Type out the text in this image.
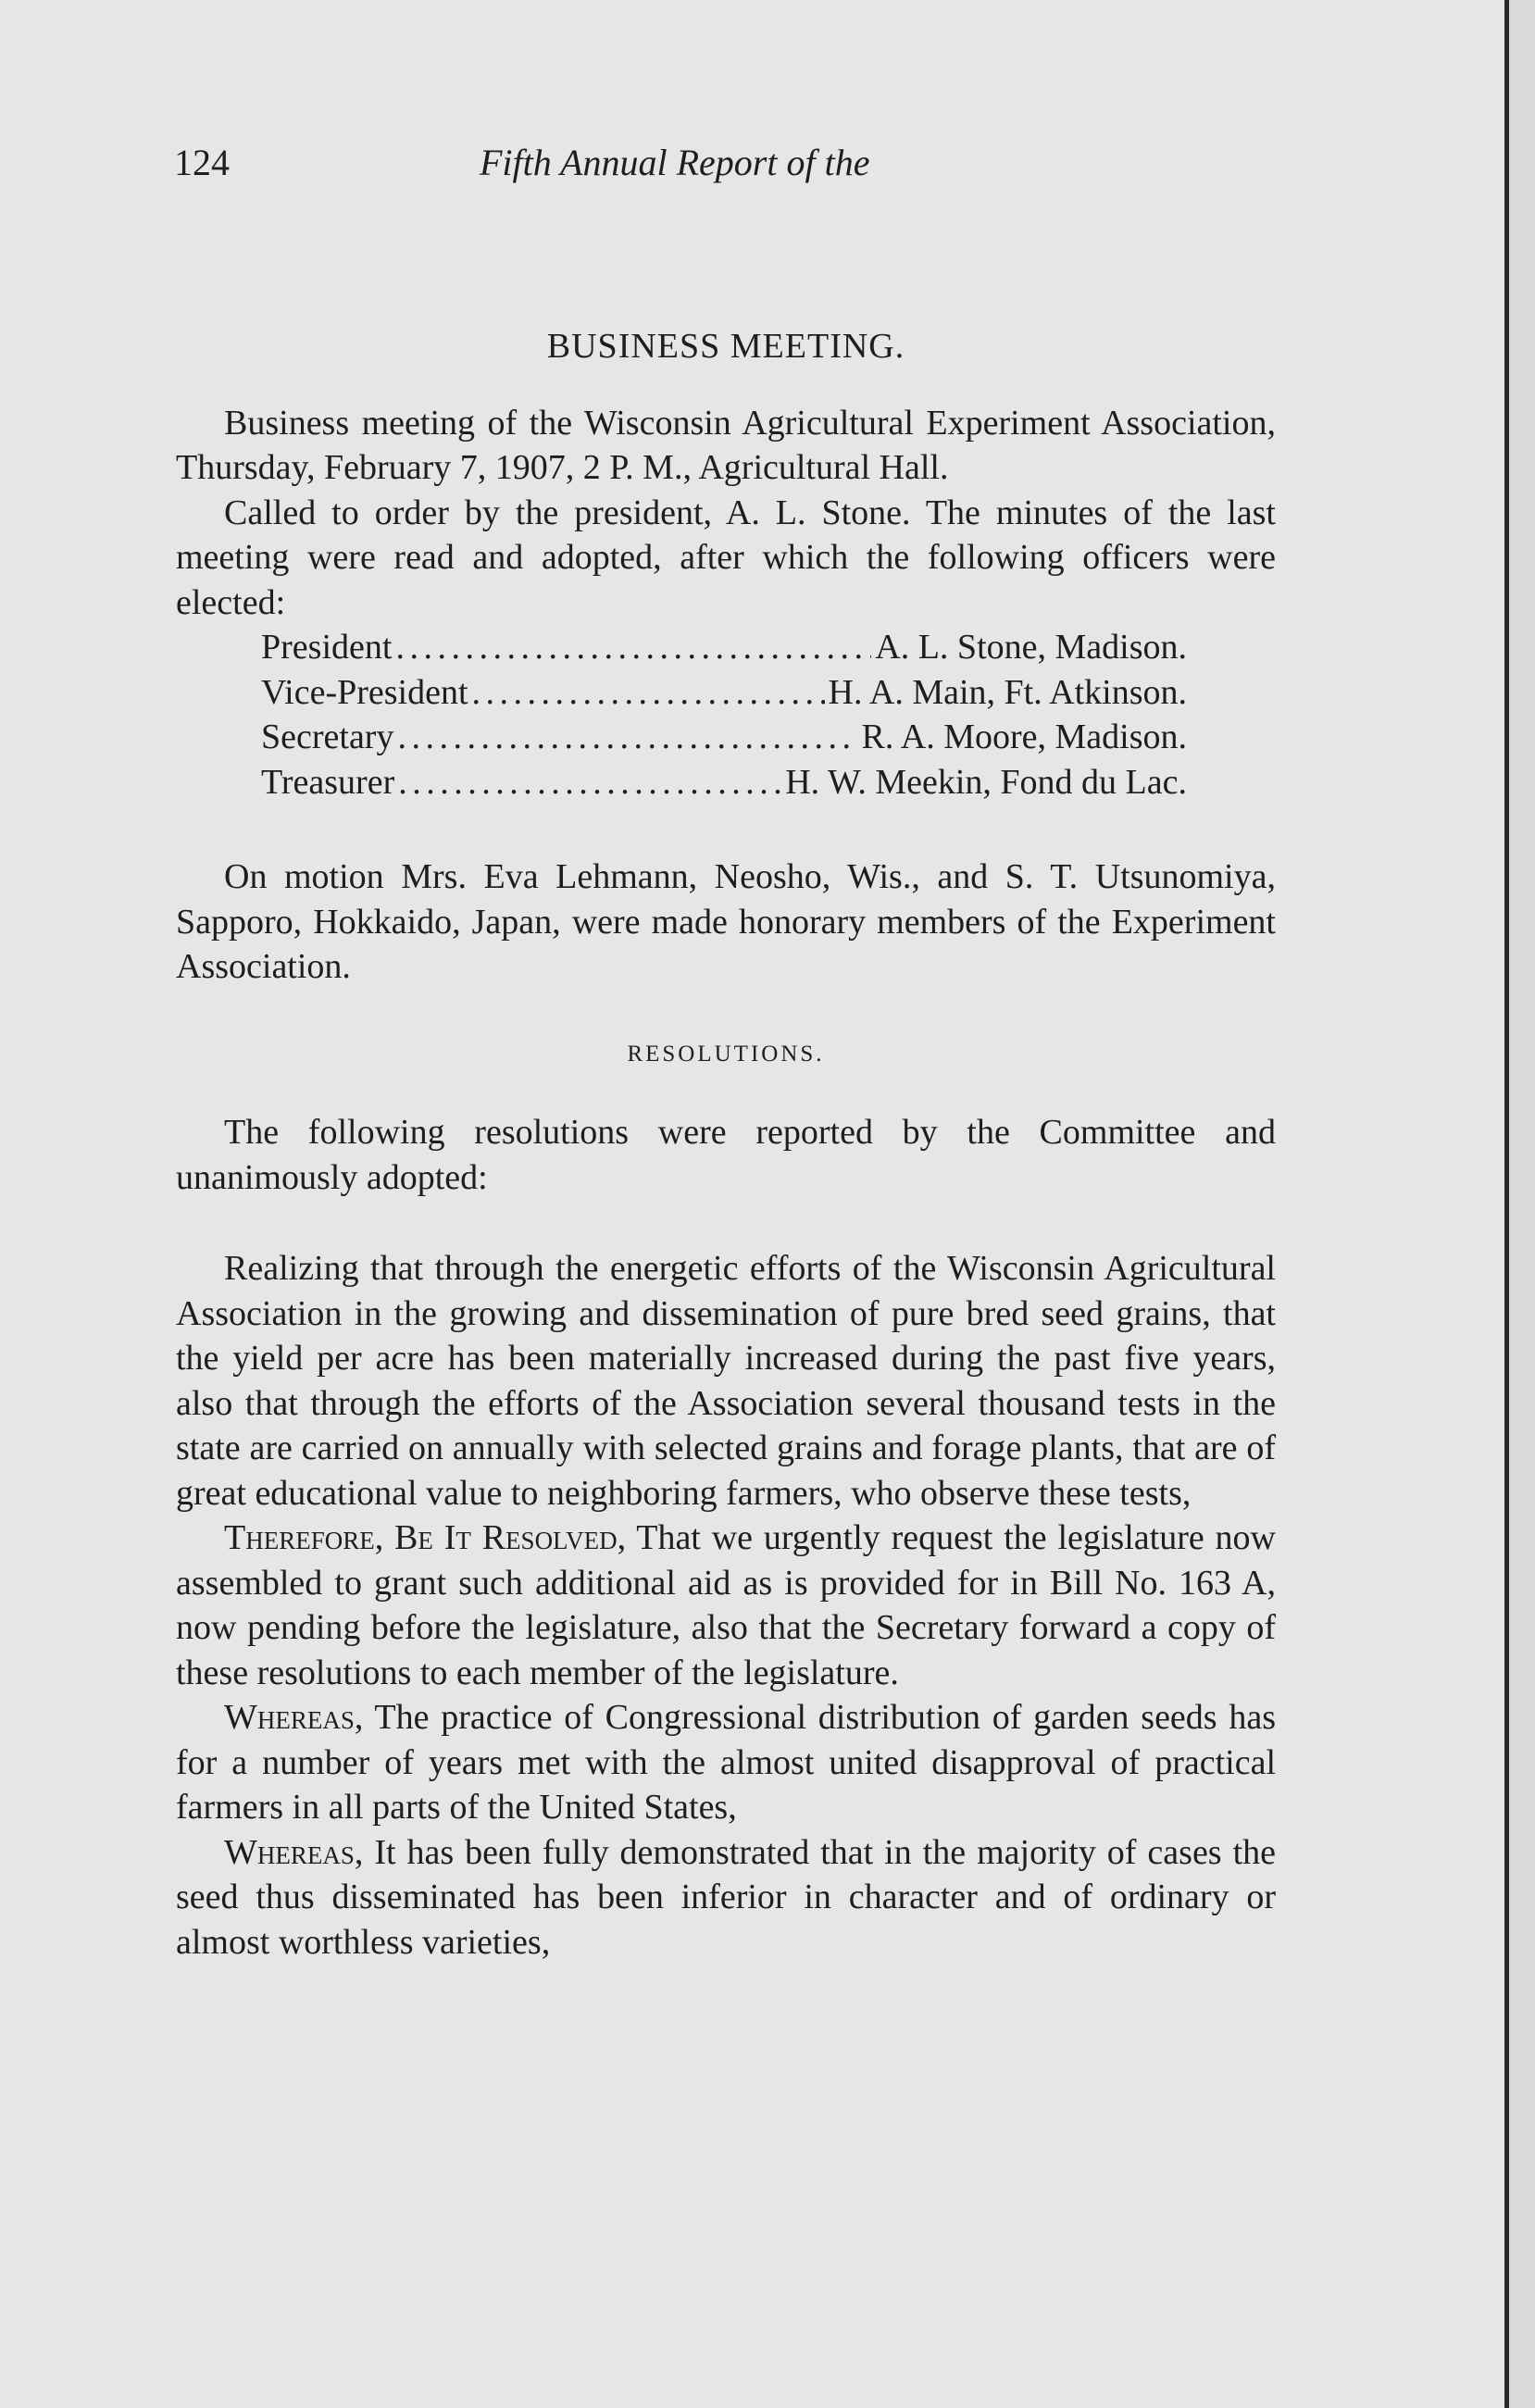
124	Fifth Annual Report of the
BUSINESS MEETING.

Business meeting of the Wisconsin Agricultural Experiment Association, Thursday, February 7, 1907, 2 P. M., Agricultural Hall.

Called to order by the president, A. L. Stone. The minutes of the last meeting were read and adopted, after which the following officers were elected:

President . . .	A. L. Stone, Madison.
Vice-President . . .	H. A. Main, Ft. Atkinson.
Secretary . . .	R. A. Moore, Madison.
Treasurer . . .	H. W. Meekin, Fond du Lac.

On motion Mrs. Eva Lehmann, Neosho, Wis., and S. T. Utsunomiya, Sapporo, Hokkaido, Japan, were made honorary members of the Experiment Association.

RESOLUTIONS.

The following resolutions were reported by the Committee and unanimously adopted:

Realizing that through the energetic efforts of the Wisconsin Agricultural Association in the growing and dissemination of pure bred seed grains, that the yield per acre has been materially increased during the past five years, also that through the efforts of the Association several thousand tests in the state are carried on annually with selected grains and forage plants, that are of great educational value to neighboring farmers, who observe these tests,

Therefore, Be It Resolved, That we urgently request the legislature now assembled to grant such additional aid as is provided for in Bill No. 163 A, now pending before the legislature, also that the Secretary forward a copy of these resolutions to each member of the legislature.

Whereas, The practice of Congressional distribution of garden seeds has for a number of years met with the almost united disapproval of practical farmers in all parts of the United States,

Whereas, It has been fully demonstrated that in the majority of cases the seed thus disseminated has been inferior in character and of ordinary or almost worthless varieties,
